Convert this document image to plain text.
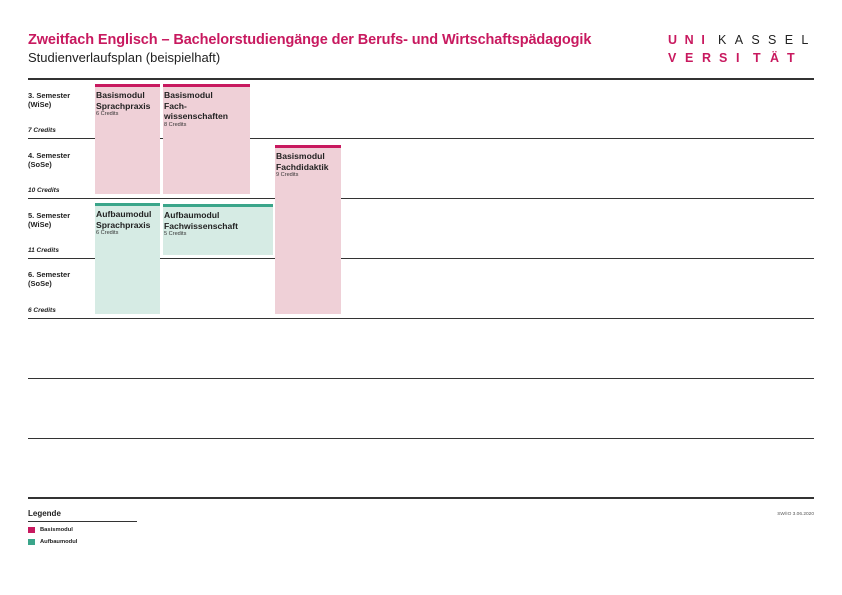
Zweitfach Englisch – Bachelorstudiengänge der Berufs- und Wirtschaftspädagogik
Studienverlaufsplan (beispielhaft)
U N I	K A S S E L
V E R S I	T Ä T
3. Semester
(WiSe)
7 Credits
4. Semester
(SoSe)
10 Credits
5. Semester
(WiSe)
11 Credits
6. Semester
(SoSe)
6 Credits
Basismodul
Sprachpraxis
6 Credits
Basismodul
Fach-
wissenschaften
8 Credits
Basismodul
Fachdidaktik
9 Credits
Aufbaumodul
Sprachpraxis
6 Credits
Aufbaumodul
Fachwissenschaft
5 Credits
Legende
Basismodul
Aufbaumodul
SW/IO 3.06.2020
